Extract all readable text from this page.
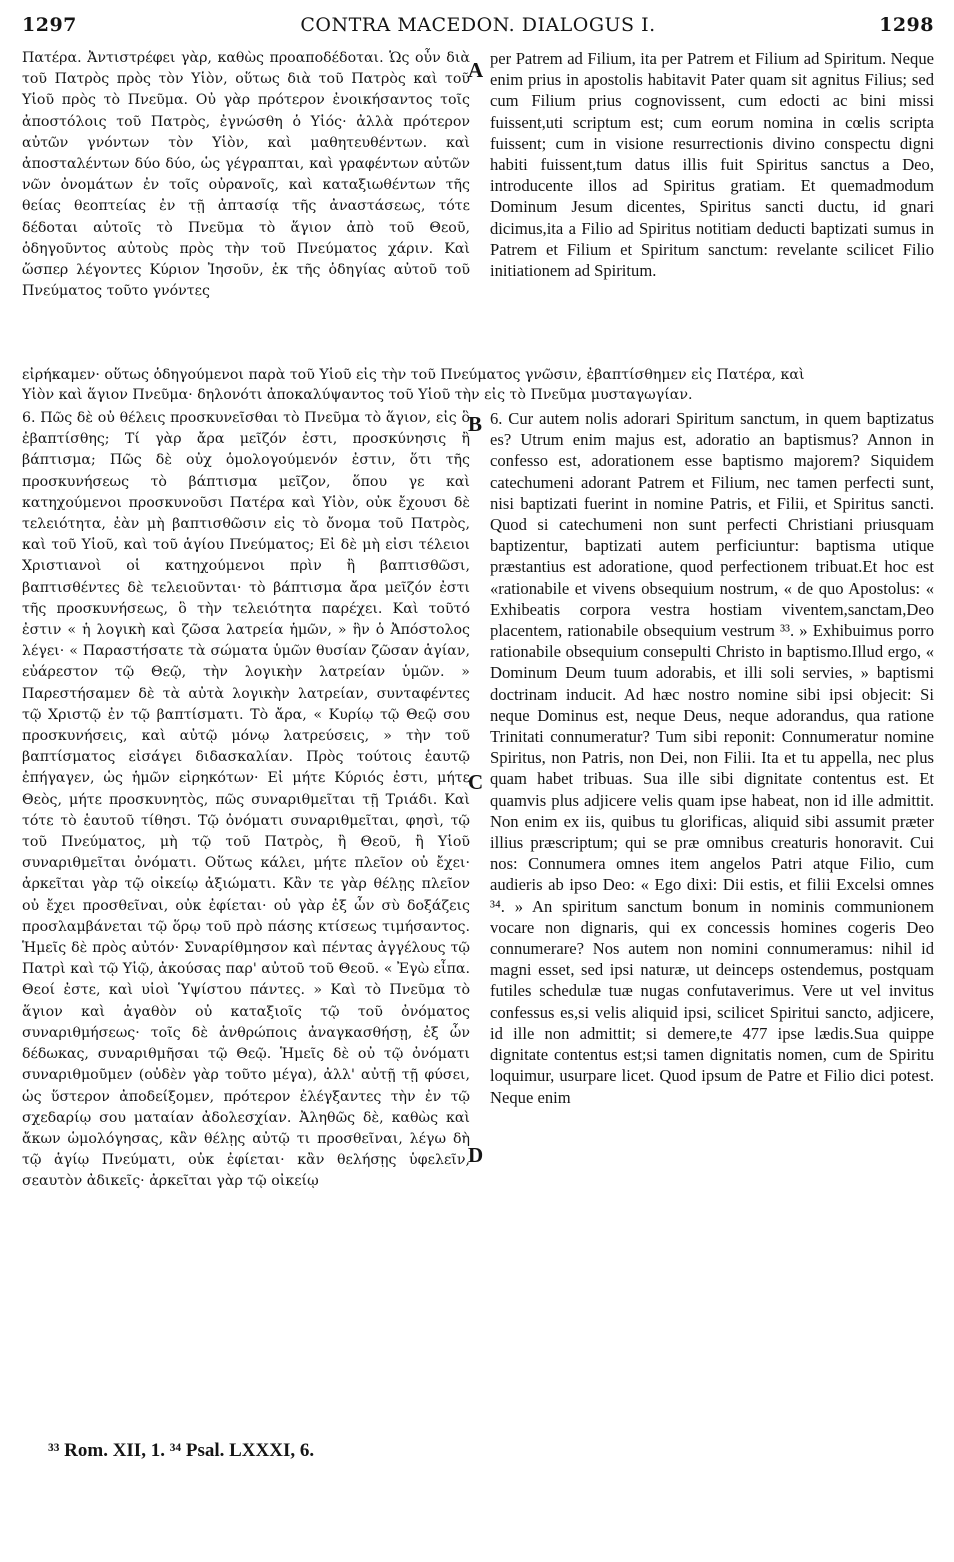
1297	CONTRA MACEDON. DIALOGUS I.	1298

Πατέρα. Ἀντιστρέφει γὰρ, καθὼς προαποδέδοται. Ὡς οὖν διὰ τοῦ Πατρὸς πρὸς τὸν Υἱὸν, οὕτως διὰ τοῦ Πατρὸς καὶ τοῦ Υἱοῦ πρὸς τὸ Πνεῦμα. Οὐ γὰρ πρότερον ἐνοικήσαντος τοῖς ἀποστόλοις τοῦ Πατρὸς, ἐγνώσθη ὁ Υἱός· ἀλλὰ πρότερον αὐτῶν γνόντων τὸν Υἱὸν, καὶ μαθητευθέντων. καὶ ἀποσταλέντων δύο δύο, ὡς γέγραπται, καὶ γραφέντων αὐτῶν νῶν ὀνομάτων ἐν τοῖς οὐρανοῖς, καὶ καταξιωθέντων τῆς θείας θεοπτείας ἐν τῇ ἀπτασίᾳ τῆς ἀναστάσεως, τότε δέδοται αὐτοῖς τὸ Πνεῦμα τὸ ἅγιον ἀπὸ τοῦ Θεοῦ, ὁδηγοῦντος αὐτοὺς πρὸς τὴν τοῦ Πνεύματος χάριν. Καὶ ὥσπερ λέγοντες Κύριον Ἰησοῦν, ἐκ τῆς ὁδηγίας αὐτοῦ τοῦ Πνεύματος τοῦτο γνόντες

per Patrem ad Filium, ita per Patrem et Filium ad Spiritum. Neque enim prius in apostolis habitavit Pater quam sit agnitus Filius; sed cum Filium prius cognovissent, cum edocti ac bini missi fuissent,uti scriptum est; cum eorum nomina in cœlis scripta fuissent; cum in visione resurrectionis divino conspectu digni habiti fuissent,tum datus illis fuit Spiritus sanctus a Deo, introducente illos ad Spiritus gratiam. Et quemadmodum Dominum Jesum dicentes, Spiritus sancti ductu, id gnari dicimus,ita a Filio ad Spiritus notitiam deducti baptizati sumus in Patrem et Filium et Spiritum sanctum: revelante scilicet Filio initiationem ad Spiritum.

εἰρήκαμεν· οὕτως ὁδηγούμενοι παρὰ τοῦ Υἱοῦ εἰς τὴν τοῦ Πνεύματος γνῶσιν, ἐβαπτίσθημεν εἰς Πατέρα, καὶ
Υἱὸν καὶ ἅγιον Πνεῦμα· δηλονότι ἀποκαλύψαντος τοῦ Υἱοῦ τὴν εἰς τὸ Πνεῦμα μυσταγωγίαν.

6. Πῶς δὲ οὐ θέλεις προσκυνεῖσθαι τὸ Πνεῦμα τὸ ἅγιον, εἰς ὃ ἐβαπτίσθης; Τί γὰρ ἄρα μεῖζόν ἐστι, προσκύνησις ἢ βάπτισμα; Πῶς δὲ οὐχ ὁμολογούμενόν ἐστιν, ὅτι τῆς προσκυνήσεως τὸ βάπτισμα μεῖζον, ὅπου γε καὶ κατηχούμενοι προσκυνοῦσι Πατέρα καὶ Υἱὸν, οὐκ ἔχουσι δὲ τελειότητα, ἐὰν μὴ βαπτισθῶσιν εἰς τὸ ὄνομα τοῦ Πατρὸς, καὶ τοῦ Υἱοῦ, καὶ τοῦ ἁγίου Πνεύματος; Εἰ δὲ μὴ εἰσι τέλειοι Χριστιανοὶ οἱ κατηχούμενοι πρὶν ἢ βαπτισθῶσι, βαπτισθέντες δὲ τελειοῦνται· τὸ βάπτισμα ἄρα μεῖζόν ἐστι τῆς προσκυνήσεως, ὃ τὴν τελειότητα παρέχει. Καὶ τοῦτό ἐστιν « ἡ λογικὴ καὶ ζῶσα λατρεία ἡμῶν, » ἣν ὁ Ἀπόστολος λέγει· « Παραστήσατε τὰ σώματα ὑμῶν θυσίαν ζῶσαν ἁγίαν, εὐάρεστον τῷ Θεῷ, τὴν λογικὴν λατρείαν ὑμῶν. » Παρεστήσαμεν δὲ τὰ αὐτὰ λογικὴν λατρείαν, συνταφέντες τῷ Χριστῷ ἐν τῷ βαπτίσματι. Τὸ ἄρα, « Κυρίῳ τῷ Θεῷ σου προσκυνήσεις, καὶ αὐτῷ μόνῳ λατρεύσεις, » τὴν τοῦ βαπτίσματος εἰσάγει διδασκαλίαν. Πρὸς τούτοις ἑαυτῷ ἐπήγαγεν, ὡς ἡμῶν εἰρηκότων· Εἰ μήτε Κύριός ἐστι, μήτε Θεὸς, μήτε προσκυνητὸς, πῶς συναριθμεῖται τῇ Τριάδι. Καὶ τότε τὸ ἑαυτοῦ τίθησι. Τῷ ὀνόματι συναριθμεῖται, φησὶ, τῷ τοῦ Πνεύματος, μὴ τῷ τοῦ Πατρὸς, ἢ Θεοῦ, ἢ Υἱοῦ συναριθμεῖται ὀνόματι. Οὕτως κάλει, μήτε πλεῖον οὐ ἔχει· ἀρκεῖται γὰρ τῷ οἰκείῳ ἀξιώματι. Κἂν τε γὰρ θέλῃς πλεῖον οὐ ἔχει προσθεῖναι, οὐκ ἐφίεται· οὐ γὰρ ἐξ ὧν σὺ δοξάζεις προσλαμβάνεται τῷ ὅρῳ τοῦ πρὸ πάσης κτίσεως τιμήσαντος. Ἡμεῖς δὲ πρὸς αὐτόν· Συναρίθμησον καὶ πέντας ἀγγέλους τῷ Πατρὶ καὶ τῷ Υἱῷ, ἀκούσας παρ' αὐτοῦ τοῦ Θεοῦ. « Ἐγὼ εἶπα. Θεοί ἐστε, καὶ υἱοὶ Ὑψίστου πάντες. » Καὶ τὸ Πνεῦμα τὸ ἅγιον καὶ ἀγαθὸν οὐ καταξιοῖς τῷ τοῦ ὀνόματος συναριθμήσεως· τοῖς δὲ ἀνθρώποις ἀναγκασθήσῃ, ἐξ ὧν δέδωκας, συναριθμῆσαι τῷ Θεῷ. Ἡμεῖς δὲ οὐ τῷ ὀνόματι συναριθμοῦμεν (οὐδὲν γὰρ τοῦτο μέγα), ἀλλ' αὐτῇ τῇ φύσει, ὡς ὕστερον ἀποδείξομεν, πρότερον ἐλέγξαντες τὴν ἐν τῷ σχεδαρίῳ σου ματαίαν ἀδολεσχίαν. Ἀληθῶς δὲ, καθὼς καὶ ἄκων ὡμολόγησας, κἂν θέλῃς αὐτῷ τι προσθεῖναι, λέγω δὴ τῷ ἁγίῳ Πνεύματι, οὐκ ἐφίεται· κἂν θελήσῃς ὑφελεῖν, σεαυτὸν ἀδικεῖς· ἀρκεῖται γὰρ τῷ οἰκείῳ

6. Cur autem nolis adorari Spiritum sanctum, in quem baptizatus es? Utrum enim majus est, adoratio an baptismus? Annon in confesso est, adorationem esse baptismo majorem? Siquidem catechumeni adorant Patrem et Filium, nec tamen perfecti sunt, nisi baptizati fuerint in nomine Patris, et Filii, et Spiritus sancti. Quod si catechumeni non sunt perfecti Christiani priusquam baptizentur, baptizati autem perficiuntur: baptisma utique præstantius est adoratione, quod perfectionem tribuat.Et hoc est «rationabile et vivens obsequium nostrum, « de quo Apostolus: « Exhibeatis corpora vestra hostiam viventem,sanctam,Deo placentem, rationabile obsequium vestrum ³³. » Exhibuimus porro rationabile obsequium consepulti Christo in baptismo.Illud ergo, « Dominum Deum tuum adorabis, et illi soli servies, » baptismi doctrinam inducit. Ad hæc nostro nomine sibi ipsi objecit: Si neque Dominus est, neque Deus, neque adorandus, qua ratione Trinitati connumeratur? Tum sibi reponit: Connumeratur nomine Spiritus, non Patris, non Dei, non Filii. Ita et tu appella, nec plus quam habet tribuas. Sua ille sibi dignitate contentus est. Et quamvis plus adjicere velis quam ipse habeat, non id ille admittit. Non enim ex iis, quibus tu glorificas, aliquid sibi assumit præter illius præscriptum; qui se præ omnibus creaturis honoravit. Cui nos: Connumera omnes item angelos Patri atque Filio, cum audieris ab ipso Deo: « Ego dixi: Dii estis, et filii Excelsi omnes ³⁴. » An spiritum sanctum bonum in nominis communionem vocare non dignaris, qui ex concessis homines cogeris Deo connumerare? Nos autem non nomini connumeramus: nihil id magni esset, sed ipsi naturæ, ut deinceps ostendemus, postquam futiles schedulæ tuæ nugas confutaverimus. Vere ut vel invitus confessus es,si velis aliquid ipsi, scilicet Spiritui sancto, adjicere, id ille non admittit; si demere,te 477 ipse lædis.Sua quippe dignitate contentus est;si tamen dignitatis nomen, cum de Spiritu loquimur, usurpare licet. Quod ipsum de Patre et Filio dici potest. Neque enim

A
B
C
D
³³ Rom. XII, 1. ³⁴ Psal. LXXXI, 6.
